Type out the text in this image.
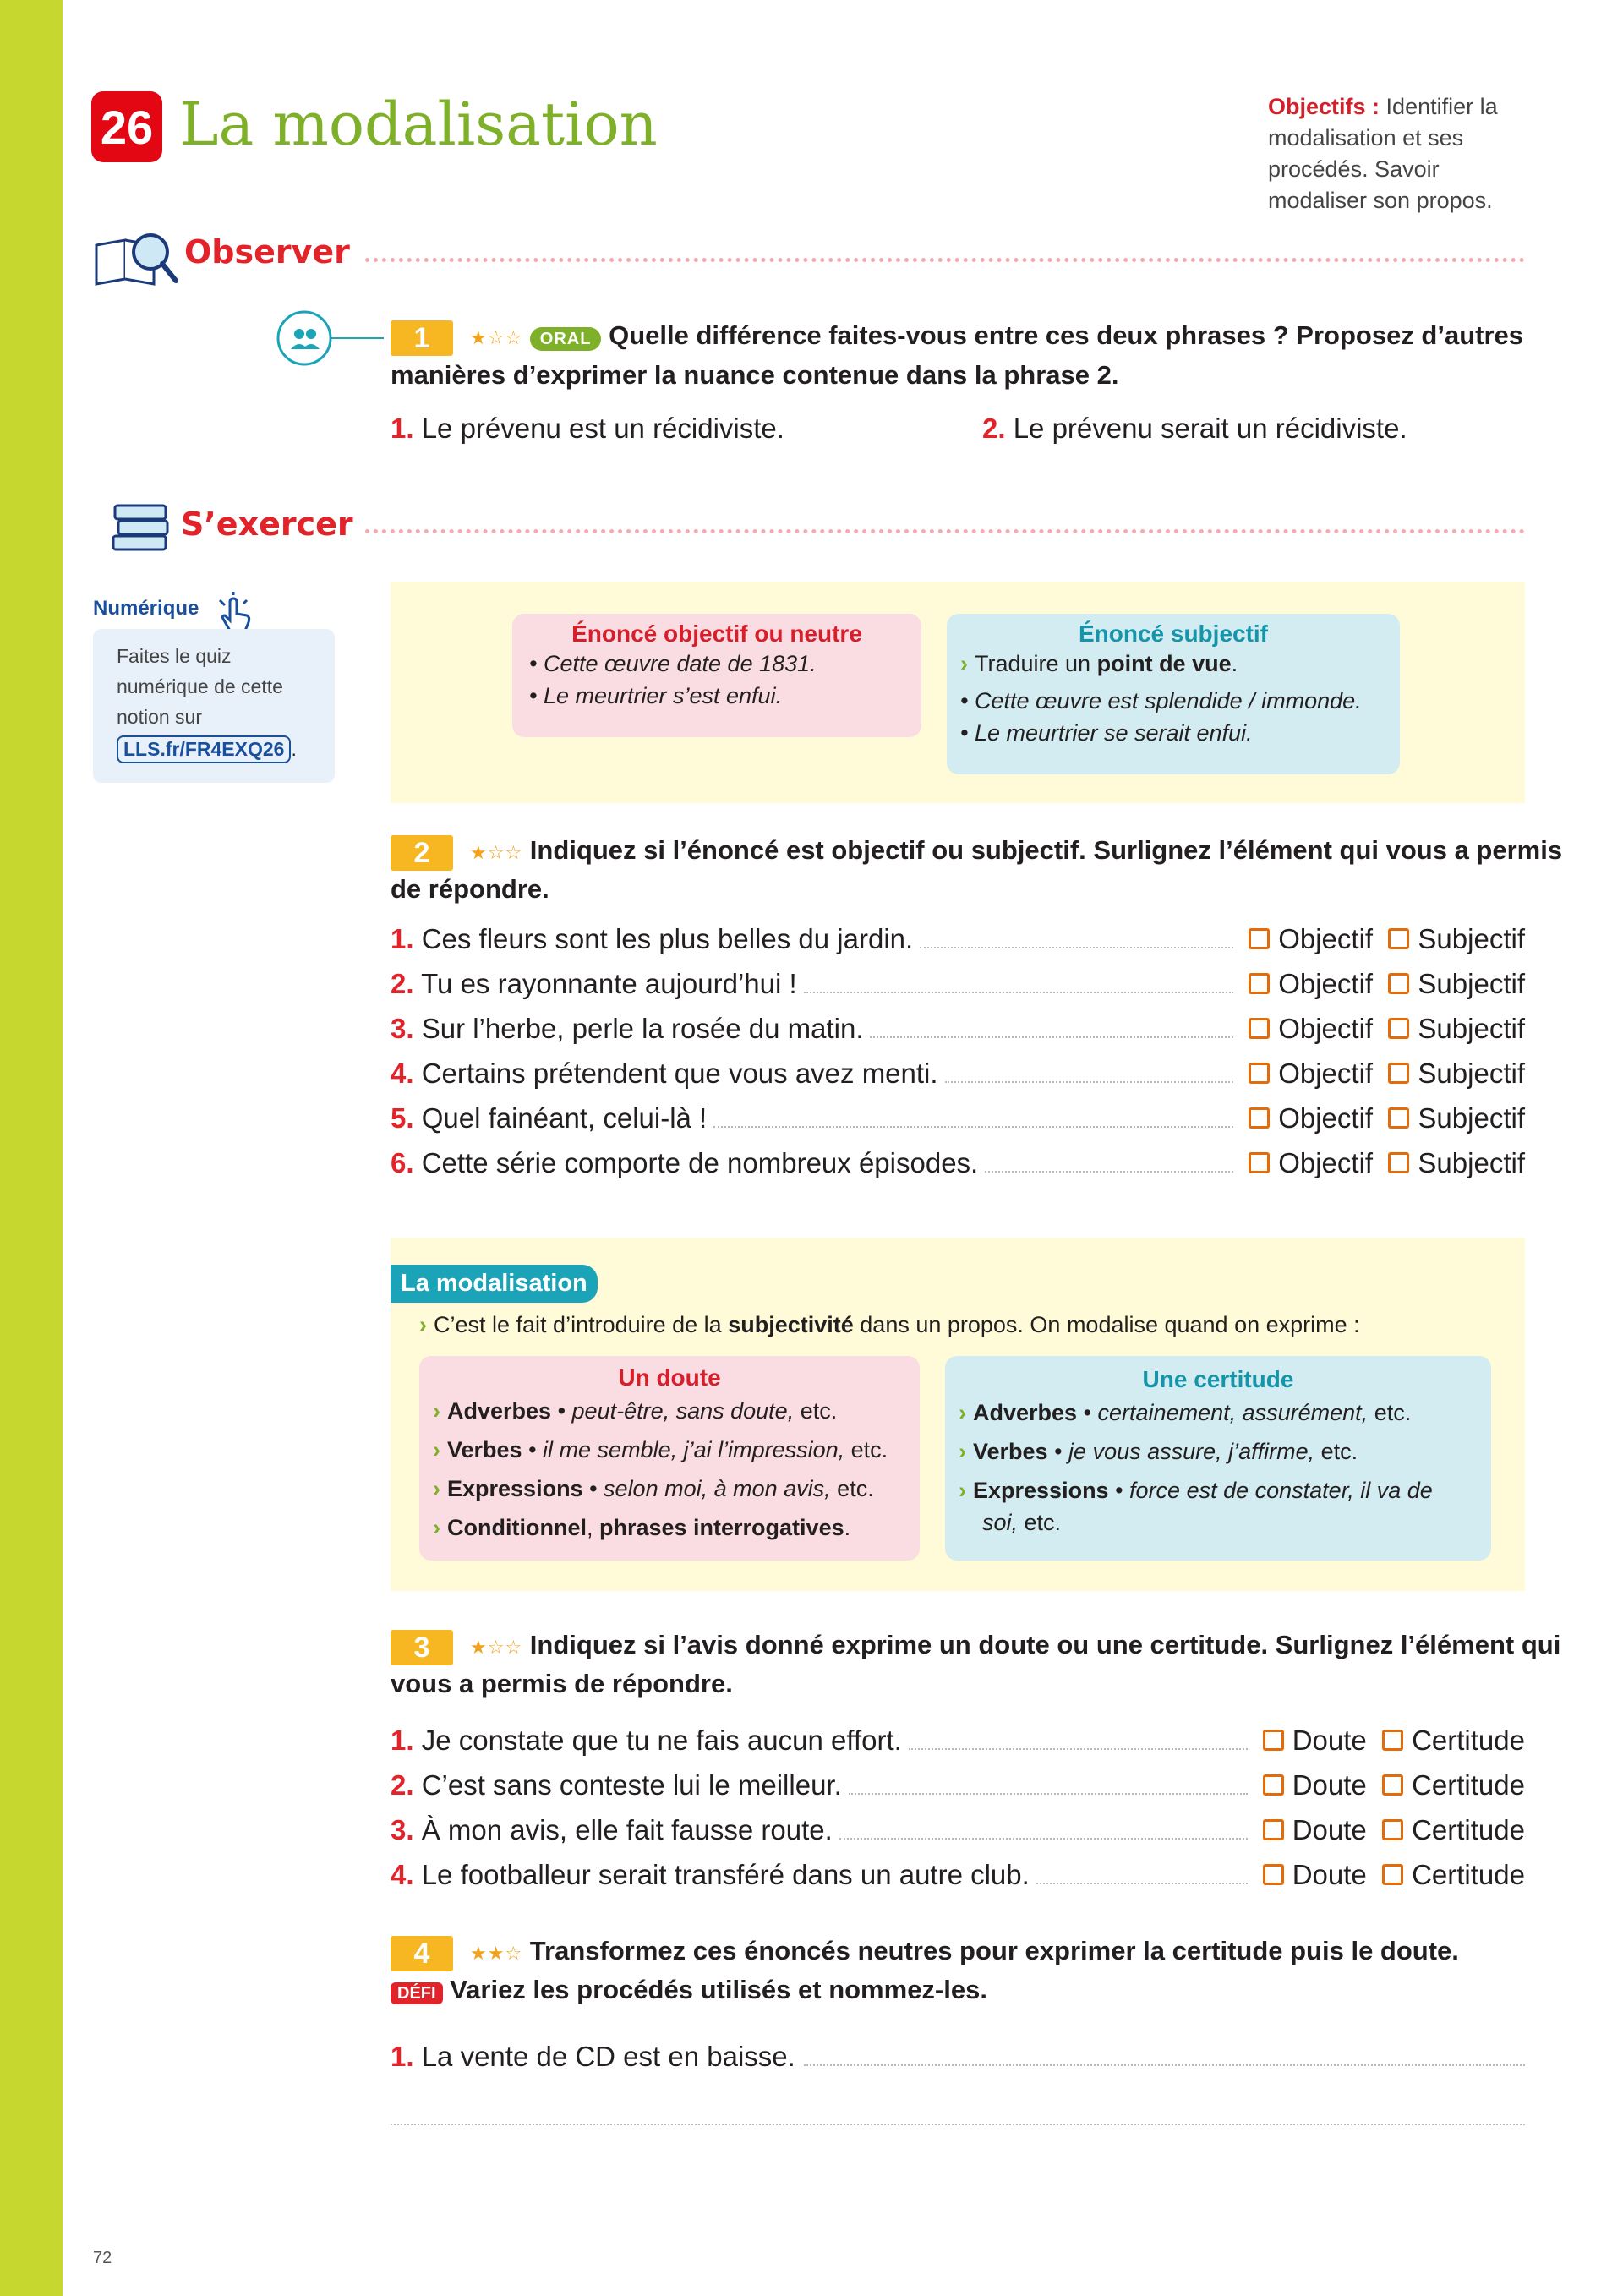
26 La modalisation	Objectifs : Identifier la modalisation et ses procédés. Savoir modaliser son propos.
Observer
1	★☆☆ ORAL Quelle différence faites-vous entre ces deux phrases ? Proposez d’autres
manières d’exprimer la nuance contenue dans la phrase 2.
1. Le prévenu est un récidiviste.	2. Le prévenu serait un récidiviste.
S’exercer
Numérique
Faites le quiz numérique de cette notion sur
LLS.fr/FR4EXQ26 .
Énoncé objectif ou neutre
• Cette œuvre date de 1831.
• Le meurtrier s’est enfui.
Énoncé subjectif
› Traduire un point de vue.
• Cette œuvre est splendide / immonde.
• Le meurtrier se serait enfui.
2	★☆☆ Indiquez si l’énoncé est objectif ou subjectif. Surlignez l’élément qui vous a permis
de répondre.
1. Ces fleurs sont les plus belles du jardin.	Objectif Subjectif
2. Tu es rayonnante aujourd’hui !	Objectif Subjectif
3. Sur l’herbe, perle la rosée du matin.	Objectif Subjectif
4. Certains prétendent que vous avez menti.	Objectif Subjectif
5. Quel fainéant, celui-là !	Objectif Subjectif
6. Cette série comporte de nombreux épisodes.	Objectif Subjectif
La modalisation
› C’est le fait d’introduire de la subjectivité dans un propos. On modalise quand on exprime :
Un doute
› Adverbes • peut-être, sans doute, etc.
› Verbes • il me semble, j’ai l’impression, etc.
› Expressions • selon moi, à mon avis, etc.
› Conditionnel, phrases interrogatives.
Une certitude
› Adverbes • certainement, assurément, etc.
› Verbes • je vous assure, j’affirme, etc.
› Expressions • force est de constater, il va de
soi, etc.
3	★☆☆ Indiquez si l’avis donné exprime un doute ou une certitude. Surlignez l’élément qui
vous a permis de répondre.
1. Je constate que tu ne fais aucun effort.	Doute Certitude
2. C’est sans conteste lui le meilleur.	Doute Certitude
3. À mon avis, elle fait fausse route.	Doute Certitude
4. Le footballeur serait transféré dans un autre club.	Doute Certitude
4	★★☆ Transformez ces énoncés neutres pour exprimer la certitude puis le doute.
DÉFI Variez les procédés utilisés et nommez-les.
1. La vente de CD est en baisse.
72
